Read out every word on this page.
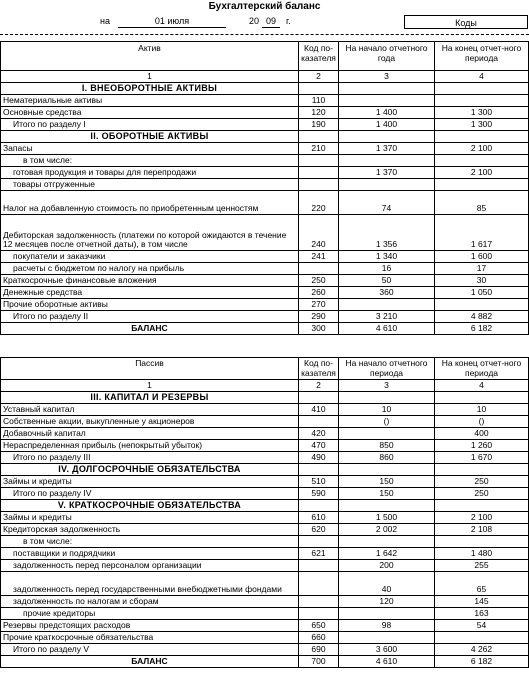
Бухгалтерский баланс
на	01 июля	20 09	г.	Коды
Актив	Код по-казателя	На начало отчетного года	На конец отчет-ного периода
1	2	3	4
I. ВНЕОБОРОТНЫЕ АКТИВЫ			
Нематериальные активы	110		
Основные средства	120	1 400	1 300
Итого по разделу I	190	1 400	1 300
II. ОБОРОТНЫЕ АКТИВЫ			
Запасы	210	1 370	2 100
в том числе:			
готовая продукция и товары для перепродажи		1 370	2 100
товары отгруженные			
Налог на добавленную стоимость по приобретенным ценностям	220	74	85
Дебиторская задолженность (платежи по которой ожидаются в течение 12 месяцев после отчетной даты), в том числе	240	1 356	1 617
покупатели и заказчики	241	1 340	1 600
расчеты с бюджетом по налогу на прибыль		16	17
Краткосрочные финансовые вложения	250	50	30
Денежные средства	260	360	1 050
Прочие оборотные активы	270		
Итого по разделу II	290	3 210	4 882
БАЛАНС	300	4 610	6 182
Пассив	Код по-казателя	На начало отчетного периода	На конец отчет-ного периода
1	2	3	4
III. КАПИТАЛ И РЕЗЕРВЫ			
Уставный капитал	410	10	10
Собственные акции, выкупленные у акционеров		()	()
Добавочный капитал	420		400
Нераспределенная прибыль (непокрытый убыток)	470	850	1 260
Итого по разделу III	490	860	1 670
IV. ДОЛГОСРОЧНЫЕ ОБЯЗАТЕЛЬСТВА			
Займы и кредиты	510	150	250
Итого по разделу IV	590	150	250
V. КРАТКОСРОЧНЫЕ ОБЯЗАТЕЛЬСТВА			
Займы и кредиты	610	1 500	2 100
Кредиторская задолженность	620	2 002	2 108
в том числе:			
поставщики и подрядчики	621	1 642	1 480
задолженность перед персоналом организации		200	255
задолженность перед государственными внебюджетными фондами		40	65
задолженность по налогам и сборам		120	145
прочие кредиторы			163
Резервы предстоящих расходов	650	98	54
Прочие краткосрочные обязательства	660		
Итого по разделу V	690	3 600	4 262
БАЛАНС	700	4 610	6 182
